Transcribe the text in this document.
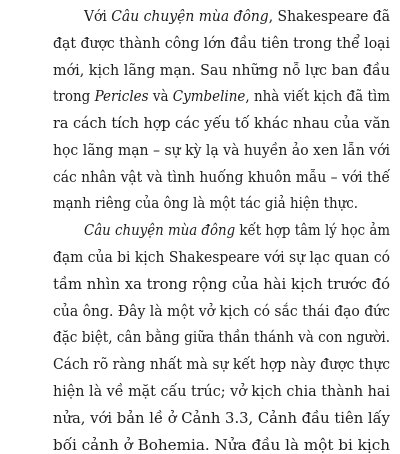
Với Câu chuyện mùa đông, Shakespeare đã
đạt được thành công lớn đầu tiên trong thể loại
mới, kịch lãng mạn. Sau những nỗ lực ban đầu
trong Pericles và Cymbeline, nhà viết kịch đã tìm
ra cách tích hợp các yếu tố khác nhau của văn
học lãng mạn – sự kỳ lạ và huyền ảo xen lẫn với
các nhân vật và tình huống khuôn mẫu – với thế
mạnh riêng của ông là một tác giả hiện thực.
Câu chuyện mùa đông kết hợp tâm lý học ảm
đạm của bi kịch Shakespeare với sự lạc quan có
tầm nhìn xa trong rộng của hài kịch trước đó
của ông. Đây là một vở kịch có sắc thái đạo đức
đặc biệt, cân bằng giữa thần thánh và con người.
Cách rõ ràng nhất mà sự kết hợp này được thực
hiện là về mặt cấu trúc; vở kịch chia thành hai
nửa, với bản lề ở Cảnh 3.3, Cảnh đầu tiên lấy
bối cảnh ở Bohemia. Nửa đầu là một bi kịch
